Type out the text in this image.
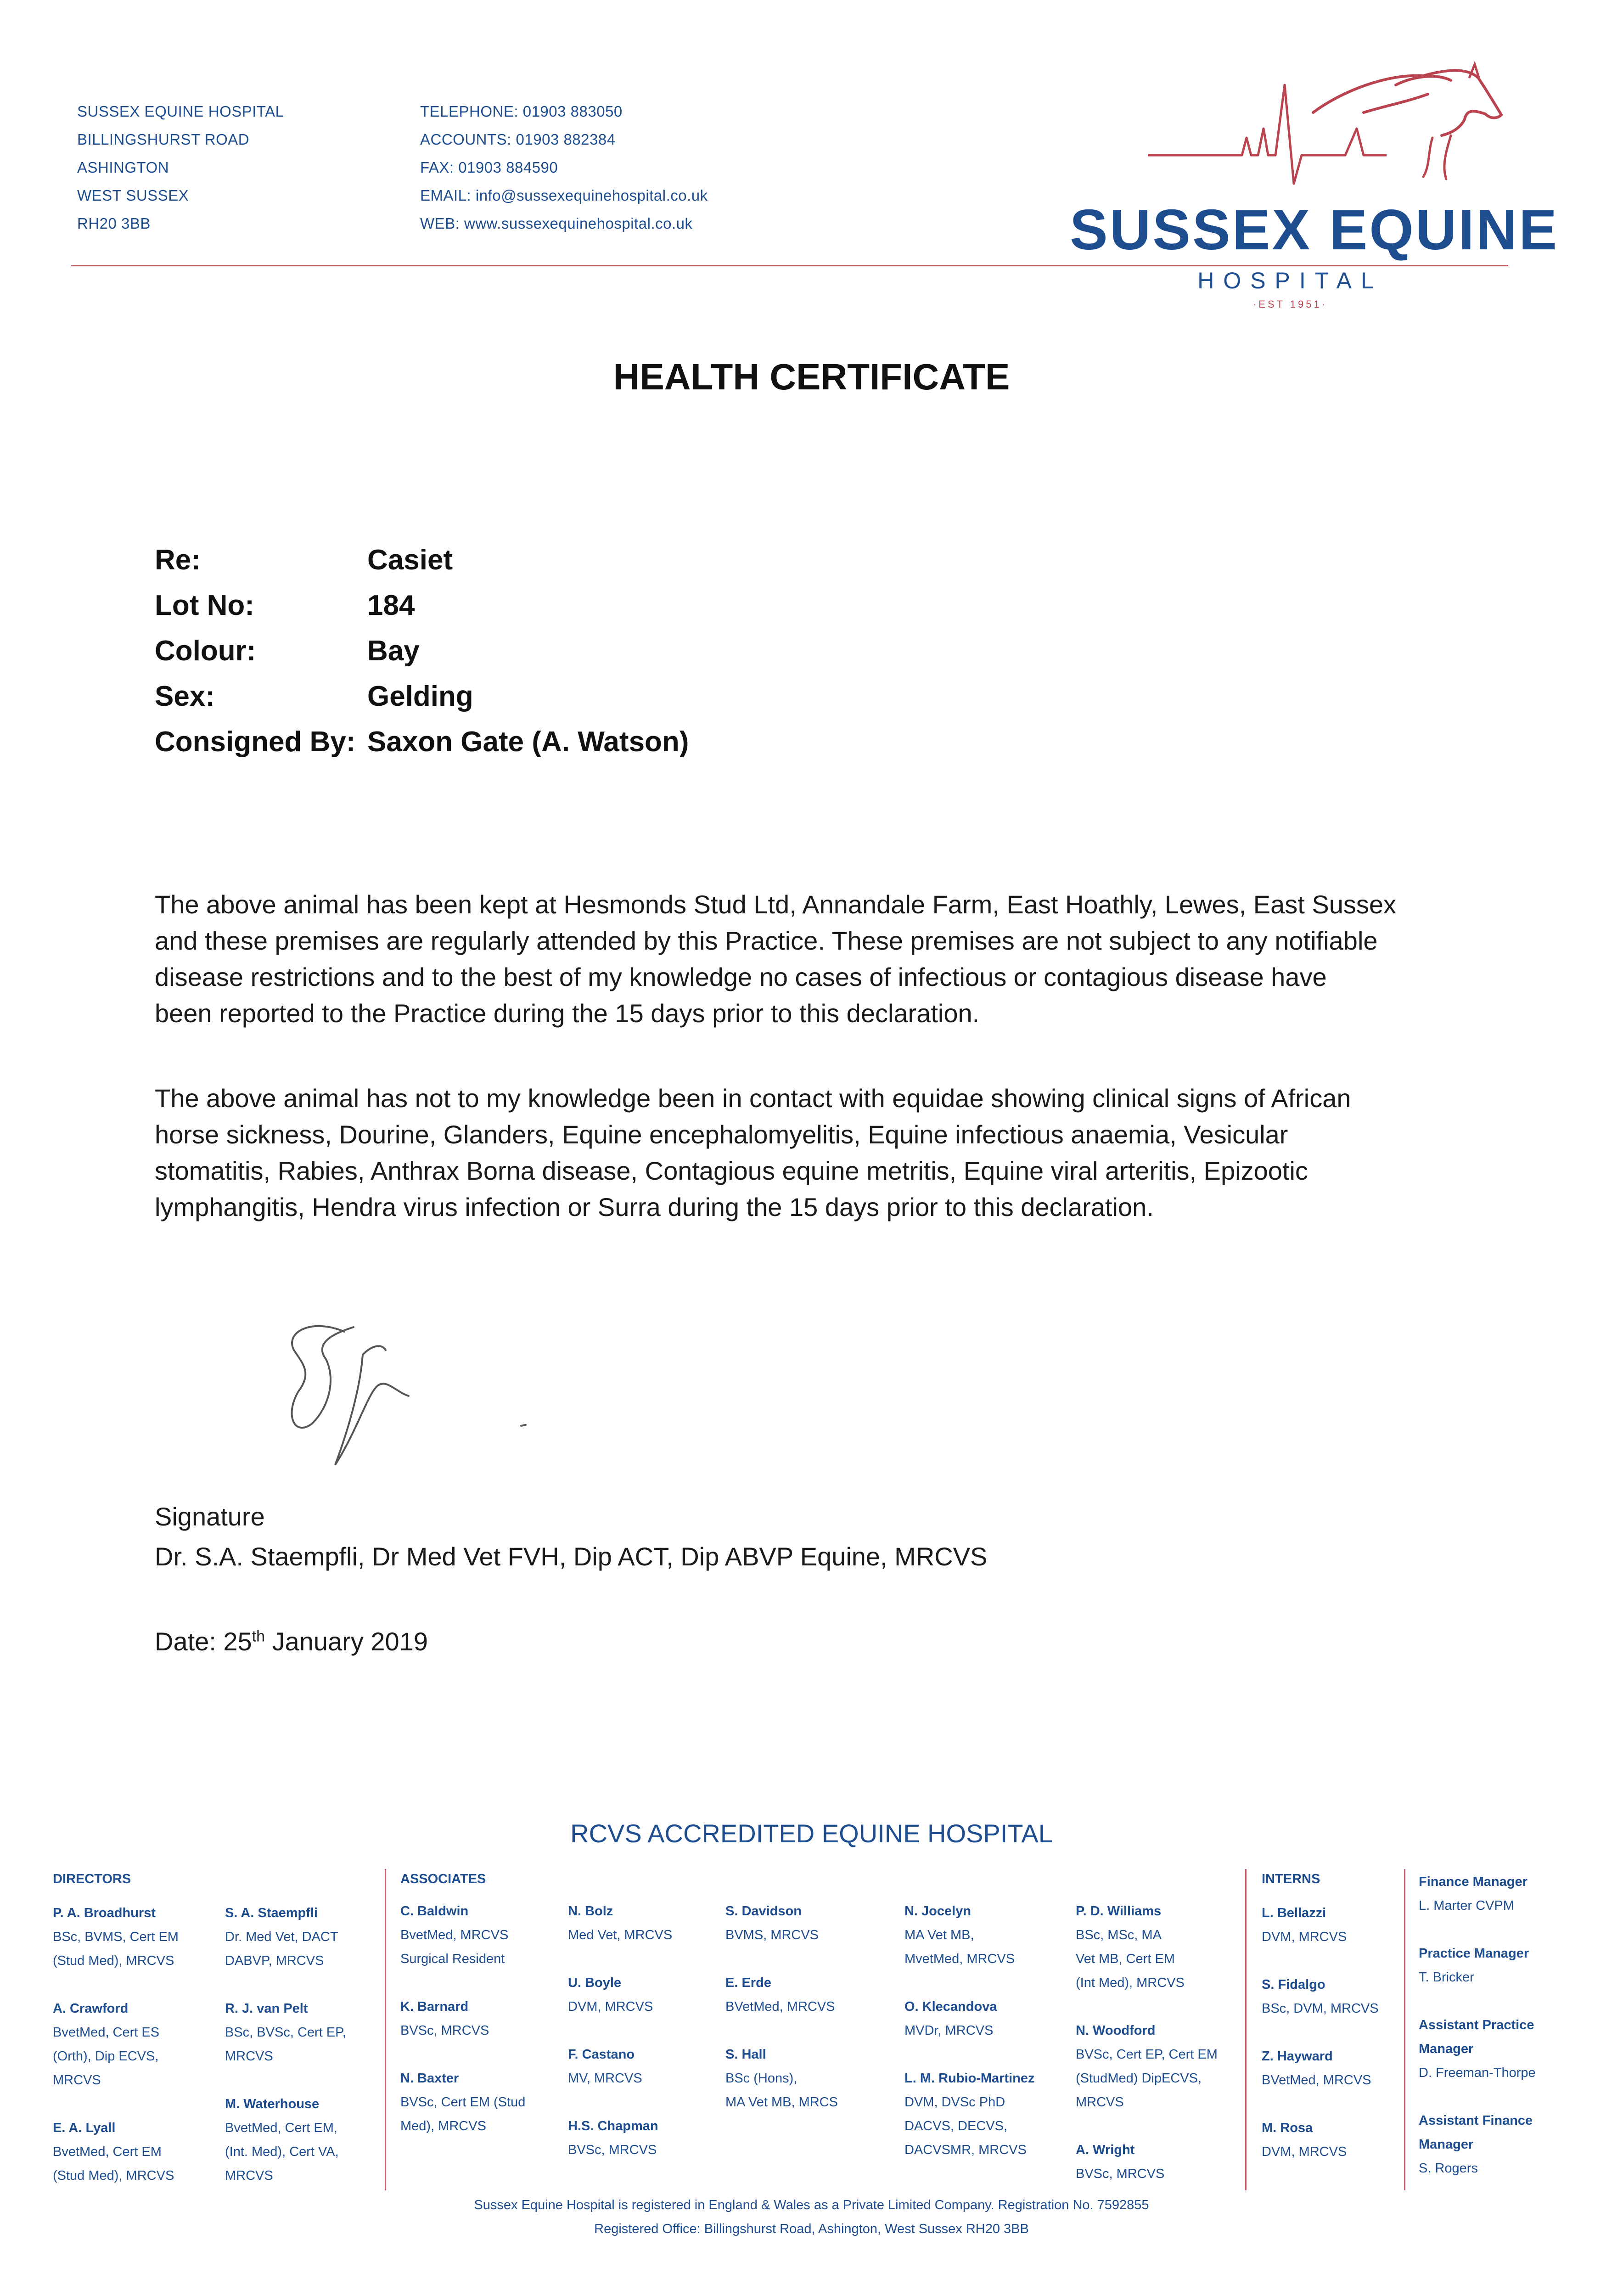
SUSSEX EQUINE HOSPITAL
BILLINGSHURST ROAD
ASHINGTON
WEST SUSSEX
RH20 3BB
TELEPHONE: 01903 883050
ACCOUNTS: 01903 882384
FAX: 01903 884590
EMAIL: info@sussexequinehospital.co.uk
WEB: www.sussexequinehospital.co.uk	SUSSEX EQUINE
HOSPITAL
·EST 1951·
HEALTH CERTIFICATE
Re:	Casiet
Lot No:	184
Colour:	Bay
Sex:	Gelding
Consigned By: Saxon Gate (A. Watson)
The above animal has been kept at Hesmonds Stud Ltd, Annandale Farm, East Hoathly, Lewes, East Sussex
and these premises are regularly attended by this Practice. These premises are not subject to any notifiable
disease restrictions and to the best of my knowledge no cases of infectious or contagious disease have
been reported to the Practice during the 15 days prior to this declaration.
The above animal has not to my knowledge been in contact with equidae showing clinical signs of African
horse sickness, Dourine, Glanders, Equine encephalomyelitis, Equine infectious anaemia, Vesicular
stomatitis, Rabies, Anthrax Borna disease, Contagious equine metritis, Equine viral arteritis, Epizootic
lymphangitis, Hendra virus infection or Surra during the 15 days prior to this declaration.
Signature
Dr. S.A. Staempfli, Dr Med Vet FVH, Dip ACT, Dip ABVP Equine, MRCVS
Date: 25th January 2019
RCVS ACCREDITED EQUINE HOSPITAL
DIRECTORS	ASSOCIATES	INTERNS
P. A. Broadhurst
BSc, BVMS, Cert EM
(Stud Med), MRCVS
A. Crawford
BvetMed, Cert ES
(Orth), Dip ECVS,
MRCVS
E. A. Lyall
BvetMed, Cert EM
(Stud Med), MRCVS
S. A. Staempfli
Dr. Med Vet, DACT
DABVP, MRCVS
R. J. van Pelt
BSc, BVSc, Cert EP,
MRCVS
M. Waterhouse
BvetMed, Cert EM,
(Int. Med), Cert VA,
MRCVS
C. Baldwin
BvetMed, MRCVS
Surgical Resident
K. Barnard
BVSc, MRCVS
N. Baxter
BVSc, Cert EM (Stud
Med), MRCVS
N. Bolz
Med Vet, MRCVS
U. Boyle
DVM, MRCVS
F. Castano
MV, MRCVS
H.S. Chapman
BVSc, MRCVS
S. Davidson
BVMS, MRCVS
E. Erde
BVetMed, MRCVS
S. Hall
BSc (Hons),
MA Vet MB, MRCS
N. Jocelyn
MA Vet MB,
MvetMed, MRCVS
O. Klecandova
MVDr, MRCVS
L. M. Rubio-Martinez
DVM, DVSc PhD
DACVS, DECVS,
DACVSMR, MRCVS
P. D. Williams
BSc, MSc, MA
Vet MB, Cert EM
(Int Med), MRCVS
N. Woodford
BVSc, Cert EP, Cert EM
(StudMed) DipECVS,
MRCVS
A. Wright
BVSc, MRCVS
L. Bellazzi
DVM, MRCVS
S. Fidalgo
BSc, DVM, MRCVS
Z. Hayward
BVetMed, MRCVS
M. Rosa
DVM, MRCVS
Finance Manager
L. Marter CVPM
Practice Manager
T. Bricker
Assistant Practice
Manager
D. Freeman-Thorpe
Assistant Finance
Manager
S. Rogers
Sussex Equine Hospital is registered in England & Wales as a Private Limited Company. Registration No. 7592855
Registered Office: Billingshurst Road, Ashington, West Sussex RH20 3BB
